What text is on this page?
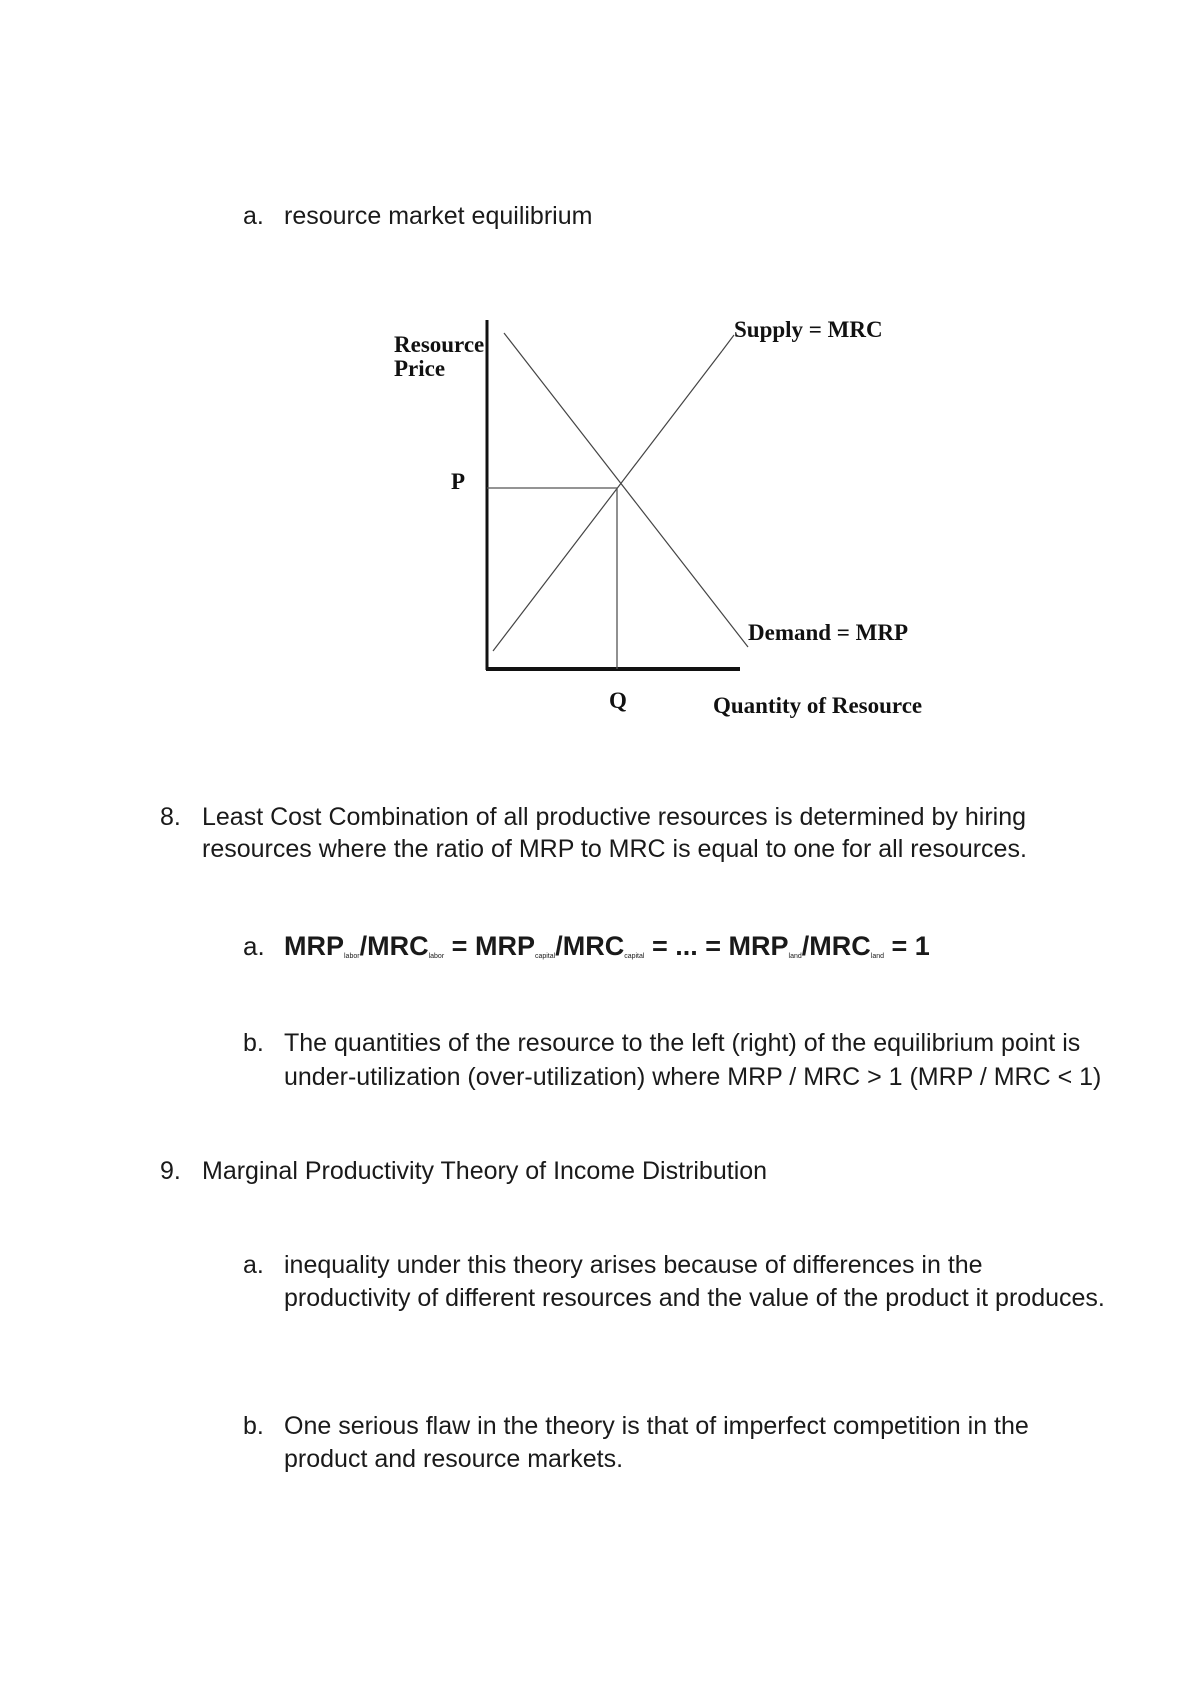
a. resource market equilibrium
Resource
Price
P
Q	Quantity of Resource
Supply = MRC
Demand = MRP
8. Least Cost Combination of all productive resources is determined by hiring
resources where the ratio of MRP to MRC is equal to one for all resources.
a. $MRP_{labor}/MRC_{labor} = MRP_{capital}/MRC_{capital}$ = ... = $MRP_{land}/MRC_{land} = 1$
b. The quantities of the resource to the left (right) of the equilibrium point is
under-utilization (over-utilization) where MRP / MRC > 1 (MRP / MRC < 1)
9. Marginal Productivity Theory of Income Distribution
a. inequality under this theory arises because of differences in the
productivity of different resources and the value of the product it produces.
b. One serious flaw in the theory is that of imperfect competition in the
product and resource markets.
